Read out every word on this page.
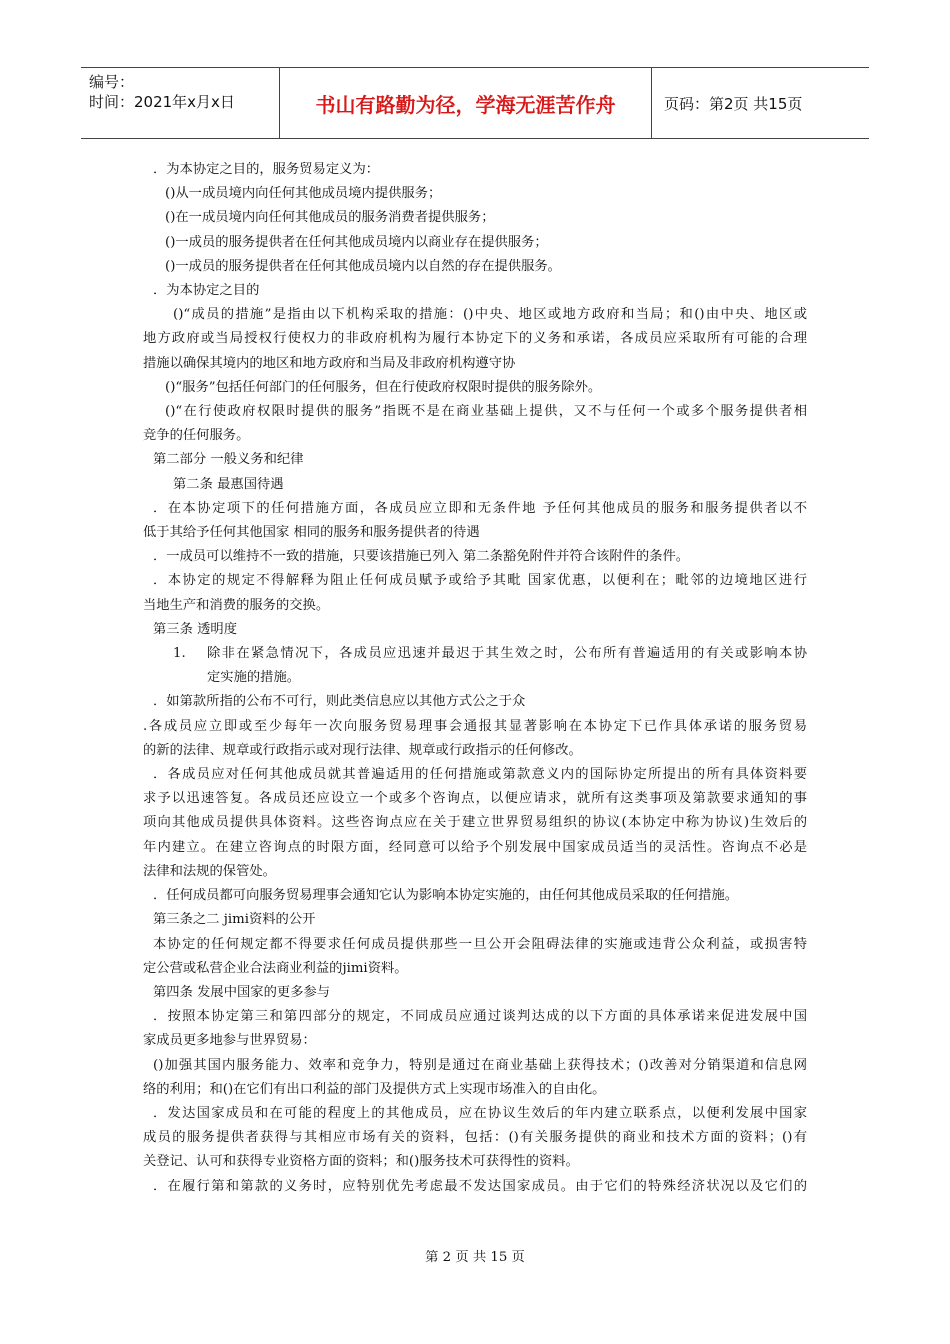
编号：
时间：2021年x月x日	书山有路勤为径，学海无涯苦作舟	页码：第2页 共15页

．为本协定之目的，服务贸易定义为：

()从一成员境内向任何其他成员境内提供服务；

()在一成员境内向任何其他成员的服务消费者提供服务；

()一成员的服务提供者在任何其他成员境内以商业存在提供服务；

()一成员的服务提供者在任何其他成员境内以自然的存在提供服务。

．为本协定之目的

()“成员的措施”是指由以下机构采取的措施：()中央、地区或地方政府和当局；和()由中央、地区或

地方政府或当局授权行使权力的非政府机构为履行本协定下的义务和承诺，各成员应采取所有可能的合理

措施以确保其境内的地区和地方政府和当局及非政府机构遵守协

()“服务”包括任何部门的任何服务，但在行使政府权限时提供的服务除外。

()“在行使政府权限时提供的服务”指既不是在商业基础上提供，又不与任何一个或多个服务提供者相

竞争的任何服务。

第二部分 一般义务和纪律

第二条 最惠国待遇

．在本协定项下的任何措施方面，各成员应立即和无条件地 予任何其他成员的服务和服务提供者以不

低于其给予任何其他国家 相同的服务和服务提供者的待遇

．一成员可以维持不一致的措施，只要该措施已列入 第二条豁免附件并符合该附件的条件。

．本协定的规定不得解释为阻止任何成员赋予或给予其毗 国家优惠，以便利在；毗邻的边境地区进行

当地生产和消费的服务的交换。

第三条 透明度

1.	除非在紧急情况下，各成员应迅速并最迟于其生效之时，公布所有普遍适用的有关或影响本协

定实施的措施。

．如第款所指的公布不可行，则此类信息应以其他方式公之于众

.各成员应立即或至少每年一次向服务贸易理事会通报其显著影响在本协定下已作具体承诺的服务贸易

的新的法律、规章或行政指示或对现行法律、规章或行政指示的任何修改。

．各成员应对任何其他成员就其普遍适用的任何措施或第款意义内的国际协定所提出的所有具体资料要

求予以迅速答复。各成员还应设立一个或多个咨询点，以便应请求，就所有这类事项及第款要求通知的事

项向其他成员提供具体资料。这些咨询点应在关于建立世界贸易组织的协议(本协定中称为协议)生效后的

年内建立。在建立咨询点的时限方面，经同意可以给予个别发展中国家成员适当的灵活性。咨询点不必是

法律和法规的保管处。

．任何成员都可向服务贸易理事会通知它认为影响本协定实施的，由任何其他成员采取的任何措施。

第三条之二 jimi资料的公开

本协定的任何规定都不得要求任何成员提供那些一旦公开会阻碍法律的实施或违背公众利益，或损害特

定公营或私营企业合法商业利益的jimi资料。

第四条 发展中国家的更多参与

．按照本协定第三和第四部分的规定，不同成员应通过谈判达成的以下方面的具体承诺来促进发展中国

家成员更多地参与世界贸易：

()加强其国内服务能力、效率和竞争力，特别是通过在商业基础上获得技术；()改善对分销渠道和信息网

络的利用；和()在它们有出口利益的部门及提供方式上实现市场准入的自由化。

．发达国家成员和在可能的程度上的其他成员，应在协议生效后的年内建立联系点，以便利发展中国家

成员的服务提供者获得与其相应市场有关的资料，包括：()有关服务提供的商业和技术方面的资料；()有

关登记、认可和获得专业资格方面的资料；和()服务技术可获得性的资料。

．在履行第和第款的义务时，应特别优先考虑最不发达国家成员。由于它们的特殊经济状况以及它们的

第 2 页 共 15 页
